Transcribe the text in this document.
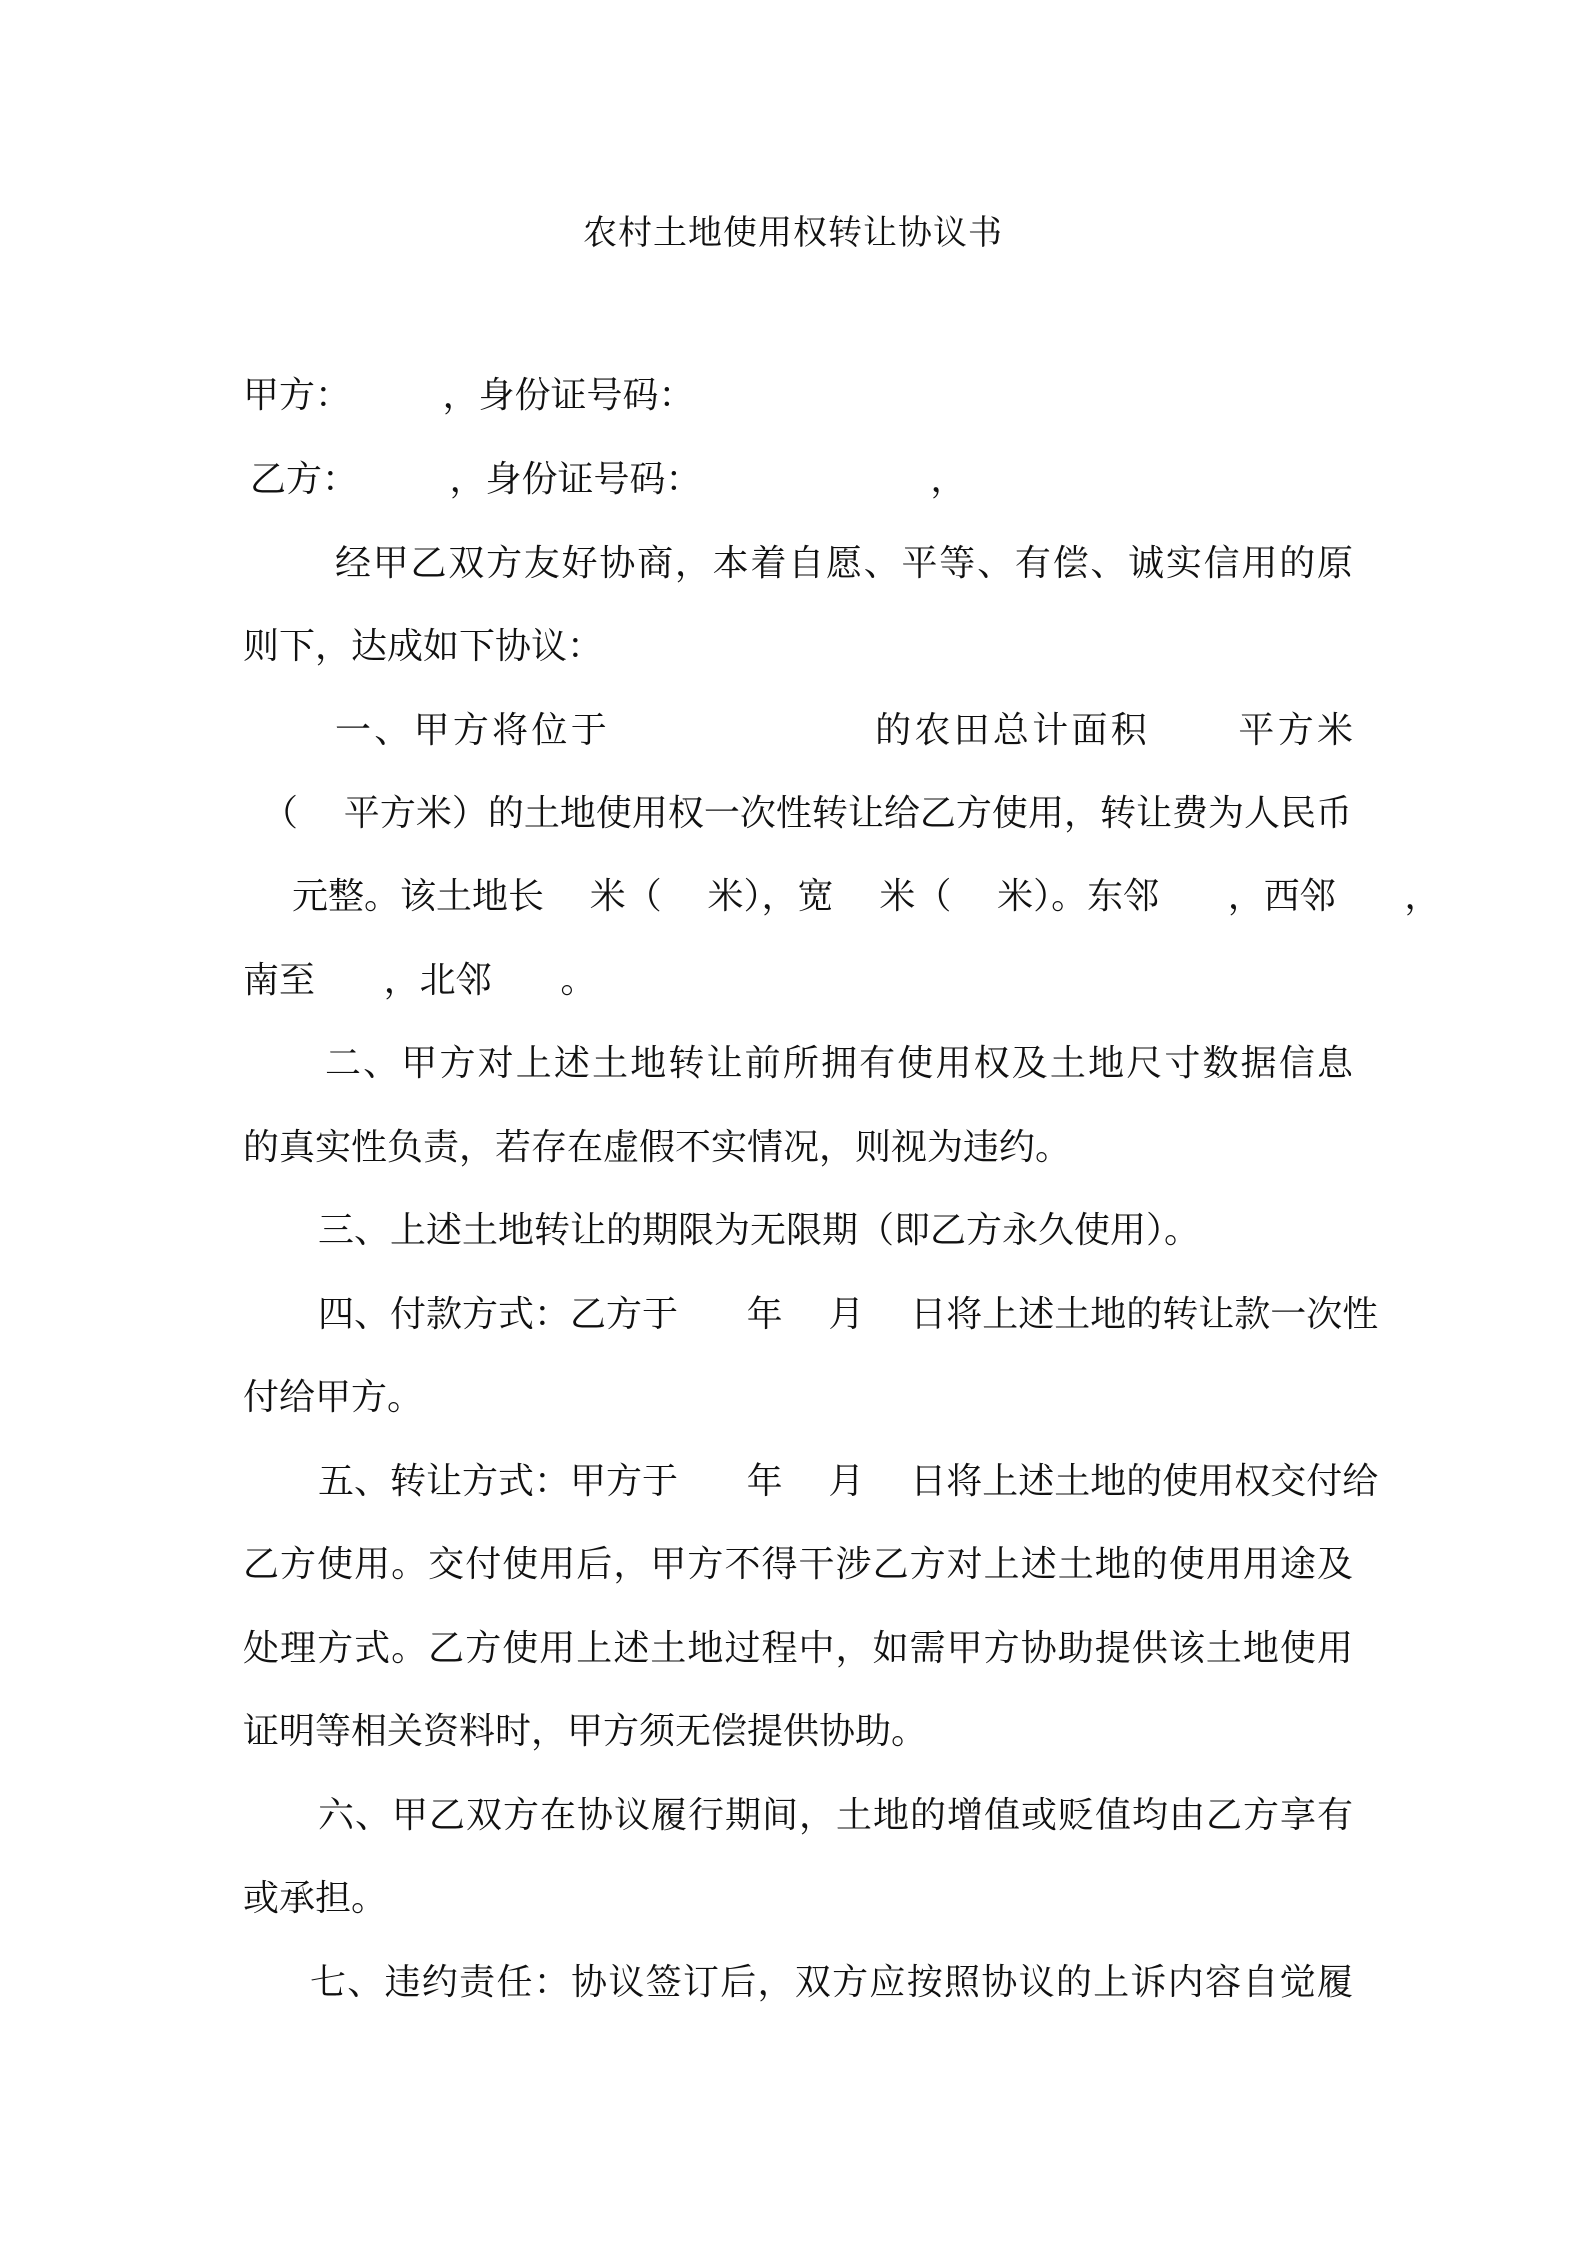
农村土地使用权转让协议书
甲方：        ，身份证号码：
乙方：        ，身份证号码：                    ，
经甲乙双方友好协商，本着自愿、平等、有偿、诚实信用的原
则下，达成如下协议：
一、甲方将位于                  的农田总计面积      平方米
（    平方米）的土地使用权一次性转让给乙方使用，转让费为人民币
元整。该土地长    米（    米），宽    米（    米）。东邻      ，西邻      ，
南至      ，北邻      。
二、甲方对上述土地转让前所拥有使用权及土地尺寸数据信息
的真实性负责，若存在虚假不实情况，则视为违约。
三、上述土地转让的期限为无限期（即乙方永久使用）。
四、付款方式：乙方于      年    月    日将上述土地的转让款一次性
付给甲方。
五、转让方式：甲方于      年    月    日将上述土地的使用权交付给
乙方使用。交付使用后，甲方不得干涉乙方对上述土地的使用用途及
处理方式。乙方使用上述土地过程中，如需甲方协助提供该土地使用
证明等相关资料时，甲方须无偿提供协助。
六、甲乙双方在协议履行期间，土地的增值或贬值均由乙方享有
或承担。
七、违约责任：协议签订后，双方应按照协议的上诉内容自觉履
